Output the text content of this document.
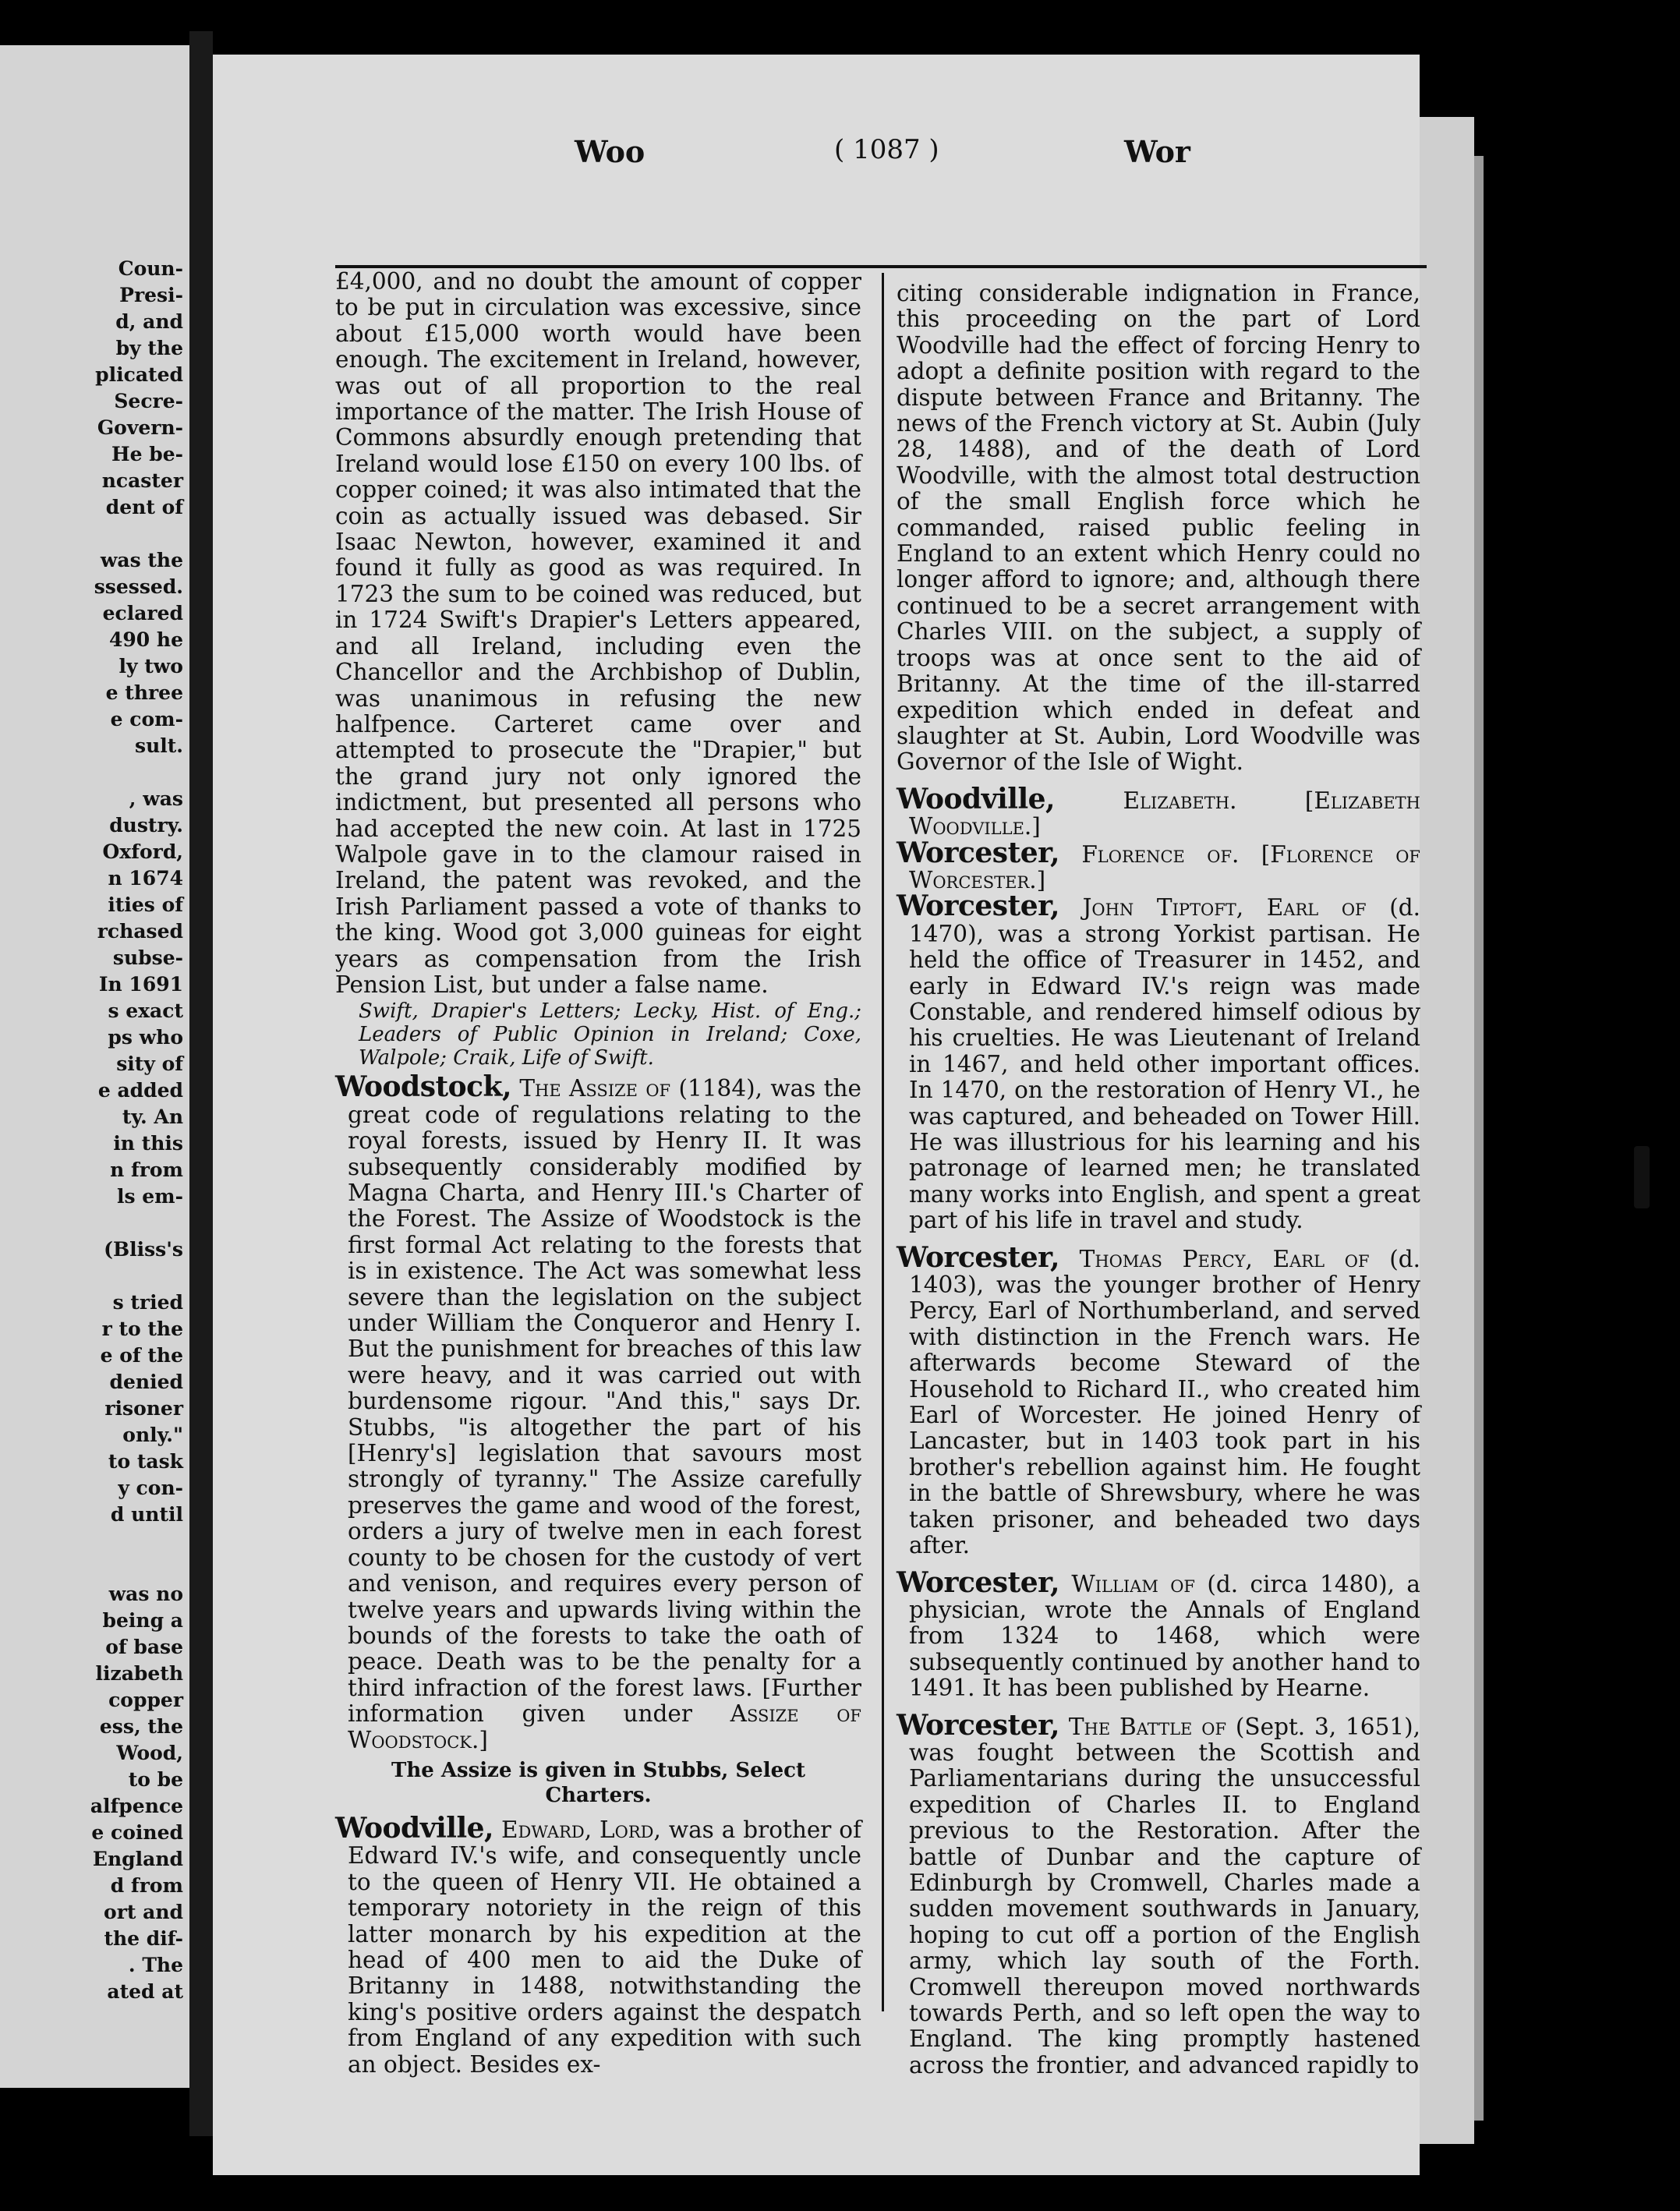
Coun-
Presi-
d, and
by the
plicated
Secre-
Govern-
He be-
ncaster
dent of
was the
ssessed.
eclared
490 he
ly two
e three
e com-
sult.
, was
dustry.
Oxford,
n 1674
ities of
rchased
subse-
In 1691
s exact
ps who
sity of
e added
ty. An
in this
n from
ls em-
(Bliss's
s tried
r to the
e of the
denied
risoner
only."
to task
y con-
d until
was no
being a
of base
lizabeth
copper
ess, the
Wood,
to be
alfpence
e coined
England
d from
ort and
the dif-
. The
ated at
Woo	( 1087 )	Wor

£4,000, and no doubt the amount of copper to be put in circulation was excessive, since about £15,000 worth would have been enough. The excitement in Ireland, however, was out of all proportion to the real importance of the matter. The Irish House of Commons absurdly enough pretending that Ireland would lose £150 on every 100 lbs. of copper coined; it was also intimated that the coin as actually issued was debased. Sir Isaac Newton, however, examined it and found it fully as good as was required. In 1723 the sum to be coined was reduced, but in 1724 Swift's Drapier's Letters appeared, and all Ireland, including even the Chancellor and the Archbishop of Dublin, was unanimous in refusing the new halfpence. Carteret came over and attempted to prosecute the "Drapier," but the grand jury not only ignored the indictment, but presented all persons who had accepted the new coin. At last in 1725 Walpole gave in to the clamour raised in Ireland, the patent was revoked, and the Irish Parliament passed a vote of thanks to the king. Wood got 3,000 guineas for eight years as compensation from the Irish Pension List, but under a false name.

Swift, Drapier's Letters; Lecky, Hist. of Eng.; Leaders of Public Opinion in Ireland; Coxe, Walpole; Craik, Life of Swift.

Woodstock, The Assize of (1184), was the great code of regulations relating to the royal forests, issued by Henry II. It was subsequently considerably modified by Magna Charta, and Henry III.'s Charter of the Forest. The Assize of Woodstock is the first formal Act relating to the forests that is in existence. The Act was somewhat less severe than the legislation on the subject under William the Conqueror and Henry I. But the punishment for breaches of this law were heavy, and it was carried out with burdensome rigour. "And this," says Dr. Stubbs, "is altogether the part of his [Henry's] legislation that savours most strongly of tyranny." The Assize carefully preserves the game and wood of the forest, orders a jury of twelve men in each forest county to be chosen for the custody of vert and venison, and requires every person of twelve years and upwards living within the bounds of the forests to take the oath of peace. Death was to be the penalty for a third infraction of the forest laws. [Further information given under Assize of Woodstock.]

The Assize is given in Stubbs, Select Charters.

Woodville, Edward, Lord, was a brother of Edward IV.'s wife, and consequently uncle to the queen of Henry VII. He obtained a temporary notoriety in the reign of this latter monarch by his expedition at the head of 400 men to aid the Duke of Britanny in 1488, notwithstanding the king's positive orders against the despatch from England of any expedition with such an object. Besides ex-

citing considerable indignation in France, this proceeding on the part of Lord Woodville had the effect of forcing Henry to adopt a definite position with regard to the dispute between France and Britanny. The news of the French victory at St. Aubin (July 28, 1488), and of the death of Lord Woodville, with the almost total destruction of the small English force which he commanded, raised public feeling in England to an extent which Henry could no longer afford to ignore; and, although there continued to be a secret arrangement with Charles VIII. on the subject, a supply of troops was at once sent to the aid of Britanny. At the time of the ill-starred expedition which ended in defeat and slaughter at St. Aubin, Lord Woodville was Governor of the Isle of Wight.

Woodville,	Elizabeth.	[Elizabeth Woodville.]

Worcester, Florence of. [Florence of Worcester.]

Worcester, John Tiptoft, Earl of (d. 1470), was a strong Yorkist partisan. He held the office of Treasurer in 1452, and early in Edward IV.'s reign was made Constable, and rendered himself odious by his cruelties. He was Lieutenant of Ireland in 1467, and held other important offices. In 1470, on the restoration of Henry VI., he was captured, and beheaded on Tower Hill. He was illustrious for his learning and his patronage of learned men; he translated many works into English, and spent a great part of his life in travel and study.

Worcester, Thomas Percy, Earl of (d. 1403), was the younger brother of Henry Percy, Earl of Northumberland, and served with distinction in the French wars. He afterwards become Steward of the Household to Richard II., who created him Earl of Worcester. He joined Henry of Lancaster, but in 1403 took part in his brother's rebellion against him. He fought in the battle of Shrewsbury, where he was taken prisoner, and beheaded two days after.

Worcester, William of (d. circa 1480), a physician, wrote the Annals of England from 1324 to 1468, which were subsequently continued by another hand to 1491. It has been published by Hearne.

Worcester, The Battle of (Sept. 3, 1651), was fought between the Scottish and Parliamentarians during the unsuccessful expedition of Charles II. to England previous to the Restoration. After the battle of Dunbar and the capture of Edinburgh by Cromwell, Charles made a sudden movement southwards in January, hoping to cut off a portion of the English army, which lay south of the Forth. Cromwell thereupon moved northwards towards Perth, and so left open the way to England. The king promptly hastened across the frontier, and advanced rapidly to
